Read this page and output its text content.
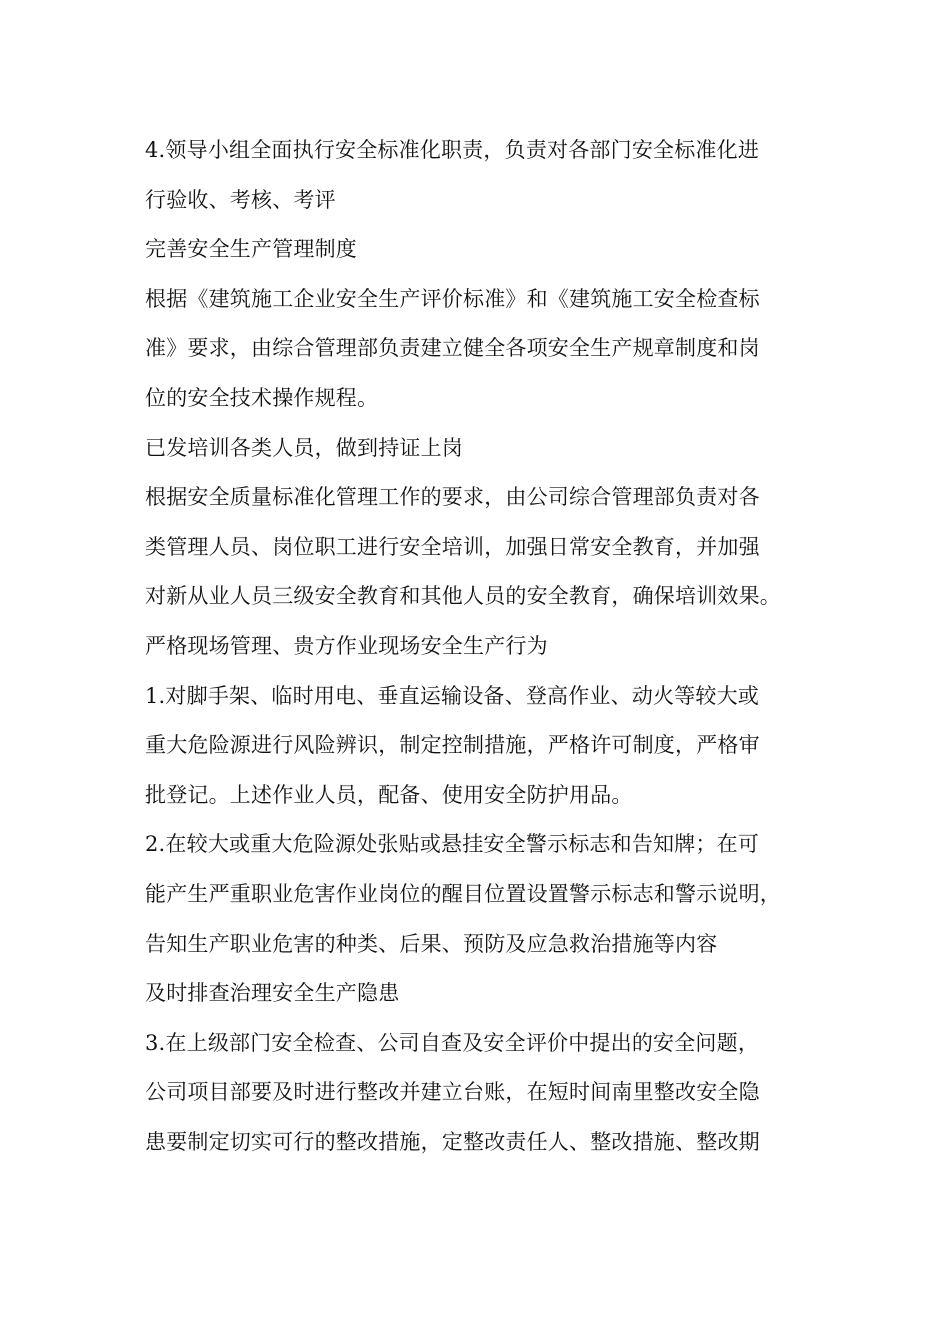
4.领导小组全面执行安全标准化职责，负责对各部门安全标准化进
行验收、考核、考评
完善安全生产管理制度
根据《建筑施工企业安全生产评价标准》和《建筑施工安全检查标
准》要求，由综合管理部负责建立健全各项安全生产规章制度和岗
位的安全技术操作规程。
已发培训各类人员，做到持证上岗
根据安全质量标准化管理工作的要求，由公司综合管理部负责对各
类管理人员、岗位职工进行安全培训，加强日常安全教育，并加强
对新从业人员三级安全教育和其他人员的安全教育，确保培训效果。
严格现场管理、贵方作业现场安全生产行为
1.对脚手架、临时用电、垂直运输设备、登高作业、动火等较大或
重大危险源进行风险辨识，制定控制措施，严格许可制度，严格审
批登记。上述作业人员，配备、使用安全防护用品。
2.在较大或重大危险源处张贴或悬挂安全警示标志和告知牌；在可
能产生严重职业危害作业岗位的醒目位置设置警示标志和警示说明，
告知生产职业危害的种类、后果、预防及应急救治措施等内容
及时排查治理安全生产隐患
3.在上级部门安全检查、公司自查及安全评价中提出的安全问题，
公司项目部要及时进行整改并建立台账，在短时间南里整改安全隐
患要制定切实可行的整改措施，定整改责任人、整改措施、整改期
